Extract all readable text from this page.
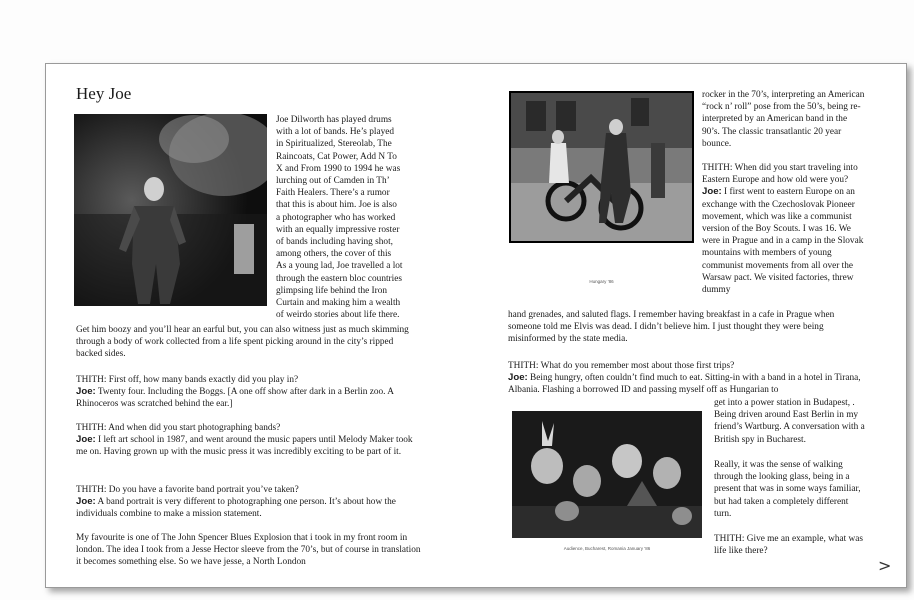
Hey Joe
Joe Dilworth has played drums
with a lot of bands. He’s played
in Spiritualized, Stereolab, The
Raincoats, Cat Power, Add N To
X and From 1990 to 1994 he was
lurching out of Camden in Th’
Faith Healers. There’s a rumor
that this is about him. Joe is also
a photographer who has worked
with an equally impressive roster
of bands including having shot,
among others, the cover of this
As a young lad, Joe travelled a lot
through the eastern bloc countries
glimpsing life behind the Iron
Curtain and making him a wealth
of weirdo stories about life there.

Get him boozy and you’ll hear an earful but, you can also witness just as much skimming through a body of work collected from a life spent picking around in the city’s ripped backed sides.

THITH: First off, how many bands exactly did you play in?
Joe: Twenty four. Including the Boggs. [A one off show after dark in a Berlin zoo. A Rhinoceros was scratched behind the ear.]

THITH: And when did you start photographing bands?
Joe: I left art school in 1987, and went around the music papers until Melody Maker took me on. Having grown up with the music press it was incredibly exciting to be part of it.

THITH: Do you have a favorite band portrait you’ve taken?
Joe: A band portrait is very different to photographing one person. It’s about how the individuals combine to make a mission statement.

My favourite is one of The John Spencer Blues Explosion that i took in my front room in london. The idea I took from a Jesse Hector sleeve from the 70’s, but of course in translation it becomes something else. So we have jesse, a North London

Hungary ’86

rocker in the 70’s, interpreting an American “rock n’ roll” pose from the 50’s, being re-interpreted by an American band in the 90’s. The classic transatlantic 20 year bounce.

THITH: When did you start traveling into Eastern Europe and how old were you?
Joe: I first went to eastern Europe on an exchange with the Czechoslovak Pioneer movement, which was like a communist version of the Boy Scouts. I was 16. We were in Prague and in a camp in the Slovak mountains with members of young communist movements from all over the Warsaw pact. We visited factories, threw dummy

hand grenades, and saluted flags. I remember having breakfast in a cafe in Prague when someone told me Elvis was dead. I didn’t believe him. I just thought they were being misinformed by the state media.

THITH: What do you remember most about those first trips?
Joe: Being hungry, often couldn’t find much to eat. Sitting-in with a band in a hotel in Tirana, Albania. Flashing a borrowed ID and passing myself off as Hungarian to

Audience, Bucharest, Romania January ’86

get into a power station in Budapest, . Being driven around East Berlin in my friend’s Wartburg. A conversation with a British spy in Bucharest.

Really, it was the sense of walking through the looking glass, being in a present that was in some ways familiar, but had taken a completely different turn.

THITH: Give me an example, what was life like there?

>
